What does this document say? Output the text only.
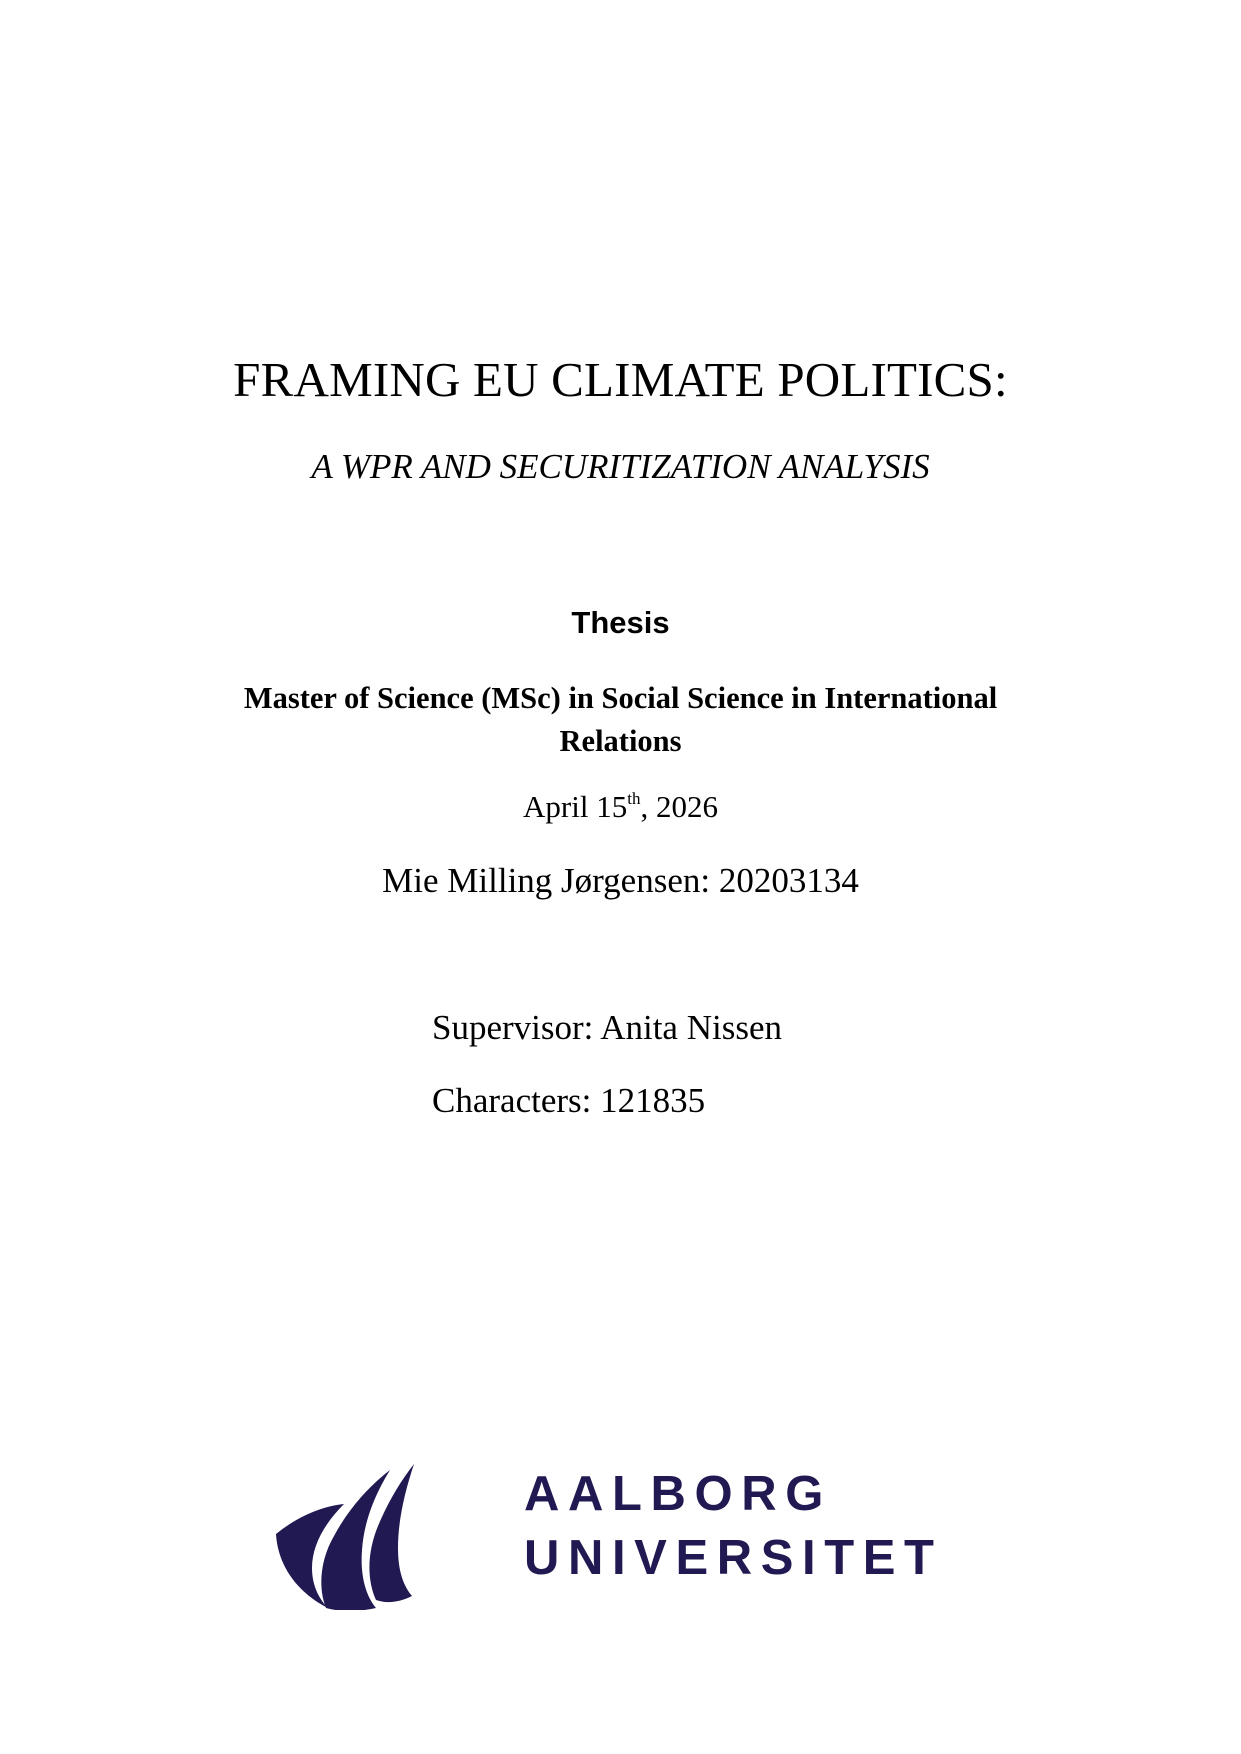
FRAMING EU CLIMATE POLITICS:
A WPR AND SECURITIZATION ANALYSIS
Thesis
Master of Science (MSc) in Social Science in International
Relations
April 15th, 2026
Mie Milling Jørgensen: 20203134
Supervisor: Anita Nissen
Characters: 121835
AALBORG
UNIVERSITET
